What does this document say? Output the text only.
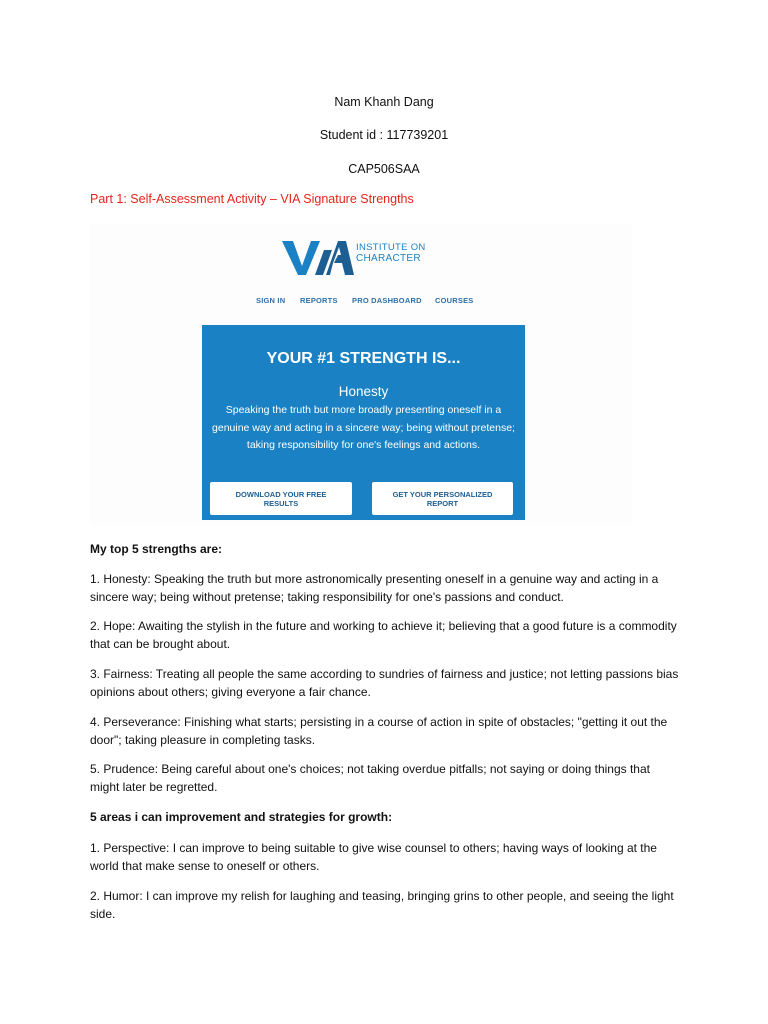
Nam Khanh Dang
Student id : 117739201
CAP506SAA
Part 1: Self-Assessment Activity – VIA Signature Strengths
INSTITUTE ON
CHARACTER
SIGN IN REPORTS PRO DASHBOARD COURSES
YOUR #1 STRENGTH IS...
Honesty
Speaking the truth but more broadly presenting oneself in a genuine way and acting in a sincere way; being without pretense; taking responsibility for one's feelings and actions.
DOWNLOAD YOUR FREE RESULTS
GET YOUR PERSONALIZED REPORT
My top 5 strengths are:
1. Honesty: Speaking the truth but more astronomically presenting oneself in a genuine way and acting in a sincere way; being without pretense; taking responsibility for one's passions and conduct.
2. Hope: Awaiting the stylish in the future and working to achieve it; believing that a good future is a commodity that can be brought about.
3. Fairness: Treating all people the same according to sundries of fairness and justice; not letting passions bias opinions about others; giving everyone a fair chance.
4. Perseverance: Finishing what starts; persisting in a course of action in spite of obstacles; "getting it out the door"; taking pleasure in completing tasks.
5. Prudence: Being careful about one's choices; not taking overdue pitfalls; not saying or doing things that might later be regretted.
5 areas i can improvement and strategies for growth:
1. Perspective: I can improve to being suitable to give wise counsel to others; having ways of looking at the world that make sense to oneself or others.
2. Humor: I can improve my relish for laughing and teasing, bringing grins to other people, and seeing the light side.
